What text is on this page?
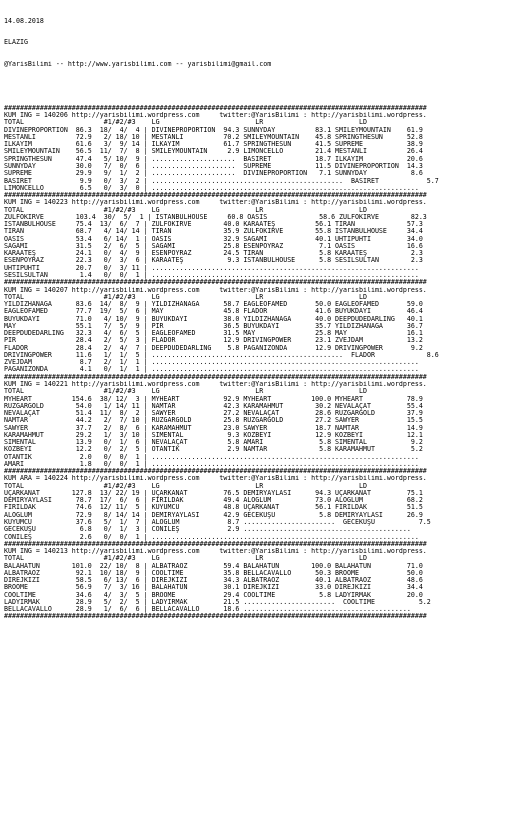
14.08.2018

ELAZIG

@YarisBilimi -- http://www.yarisbilimi.com -- yarisbilimi@gmail.com

##########################################################################################################
KUM ING = 140206 http://yarisbilimi.wordpress.com     twitter:@YarisBilimi : http://yarisbilimi.wordpress.
TOTAL                    #1/#2/#3    LG                        LR                        LD
DIVINEPROPORTION  86.3  18/  4/  4 | DIVINEPROPORTION  94.3 SUNNYDAY          83.1 SMILEYMOUNTAIN    61.9
MESTANLI          72.9   2/ 18/ 10 | MESTANLI          70.2 SMILEYMOUNTAIN    45.8 SPRINGTHESUN      52.8
İLKAYIM           61.6   3/  9/ 14 | İLKAYIM           61.7 SPRINGTHESUN      41.5 SUPREME           38.9
SMILEYMOUNTAIN    56.5  11/  7/  8 | SMILEYMOUNTAIN     2.9 LİMONCELLO        21.4 MESTANLI          26.4
SPRINGTHESUN      47.4   5/ 10/  9 | .....................  BASİRET           18.7 İLKAYIM           20.6
SUNNYDAY          30.0   7/  0/  6 | .....................  SUPREME           11.5 DIVINEPROPORTION  14.3
SUPREME           29.9   9/  1/  2 | .....................  DIVINEPROPORTION   7.1 SUNNYDAY           8.6
BASİRET            9.9   0/  3/  2 | ................................................  BASİRET            5.7
LİMONCELLO         6.5   0/  3/  0 | ...................................................................
##########################################################################################################
KUM ING = 140223 http://yarisbilimi.wordpress.com     twitter:@YarisBilimi : http://yarisbilimi.wordpress.
TOTAL                    #1/#2/#3    LG                        LR                        LD
ZÜLFOKIRVE        103.4  30/  5/  1 | İSTANBULHOUSE     60.8 OASIS             58.6 ZÜLFOKIRVE        82.3
İSTANBULHOUSE     75.4  13/  6/  7 | ZÜLFOKIRVE        40.0 KARAATEŞ          56.1 TİRAN             57.3
TİRAN             68.7   4/ 14/ 14 | TİRAN             35.9 ZÜLFOKIRVE        55.8 İSTANBULHOUSE     34.4
OASIS             53.4   6/ 14/  1 | OASIS             32.9 SAGAMI            40.1 UHTIPUHTI         34.0
SAGAMI            31.5   2/  6/  5 | SAGAMI            25.8 ESENPOYRAZ         7.1 OASIS             16.6
KARAATEŞ          24.1   0/  4/  9 | ESENPOYRAZ        24.5 TİRAN              5.8 KARAATEŞ           2.3
ESENPOYRAZ        22.3   0/  3/  6 | KARAATEŞ           9.3 İSTANBULHOUSE      5.8 SESİLSULTAN        2.3
UHTIPUHTI         20.7   0/  3/ 11 | ...................................................................
SESİLSULTAN        1.4   0/  0/  1 | ...................................................................
##########################################################################################################
KUM ING = 140207 http://yarisbilimi.wordpress.com     twitter:@YarisBilimi : http://yarisbilimi.wordpress.
TOTAL                    #1/#2/#3    LG                        LR                        LD
YILDIZHANAĞA      83.6  14/  8/  9 | YILDIZHANAĞA      58.7 EAGLEOFAMED       50.0 EAGLEOFAMED       59.0
EAGLEOFAMED       77.7  19/  5/  6 | MAY               45.8 FLADOR            41.6 BÜYÜKDAYI         46.4
BÜYÜKDAYI         71.0   4/ 10/  9 | BÜYÜKDAYI         38.0 YILDIZHANAĞA      40.0 DEEPDUDEDARLING   40.1
MAY               55.1   7/  5/  9 | PİR               36.5 BÜYÜKDAYI         35.7 YILDIZHANAĞA      36.7
DEEPDUDEDARLING   32.3   4/  6/  5 | EAGLEOFAMED       31.5 MAY               25.8 MAY               16.1
PİR               28.4   2/  5/  3 | FLADOR            12.9 DRIVINGPOWER      23.1 ZVEJDAM           13.2
FLADOR            28.4   2/  4/  7 | DEEPDUDEDARLING    5.8 PAGANIZONDA       12.9 DRIVINGPOWER       9.2
DRIVINGPOWER      11.6   1/  1/  5 | ................................................  FLADOR             8.6
ZVEJDAM            8.7   2/  1/  1 | ...................................................................
PAGANIZONDA        4.1   0/  1/  1 | ...................................................................
##########################################################################################################
KUM ING = 140221 http://yarisbilimi.wordpress.com     twitter:@YarisBilimi : http://yarisbilimi.wordpress.
TOTAL                    #1/#2/#3    LG                        LR                        LD
MYHEART          154.6  38/ 12/  3 | MYHEART           92.9 MYHEART          100.0 MYHEART           78.9
RÜZGARGOLD        54.0   1/ 14/ 11 | NAMTAR            42.3 KARAMAHMUT        30.2 NEVALAÇAT         55.4
NEVALAÇAT         51.4  11/  8/  2 | SAWYER            27.2 NEVALAÇAT         28.6 RÜZGARGOLD        37.9
NAMTAR            44.2   2/  7/ 10 | RÜZGARGOLD        25.8 RÜZGARGOLD        27.2 SAWYER            15.5
SAWYER            37.7   2/  8/  6 | KARAMAHMUT        23.0 SAWYER            18.7 NAMTAR            14.9
KARAMAHMUT        29.2   1/  3/ 10 | SİMENTAL           9.3 KOZBEYİ           12.9 KOZBEYİ           12.1
SİMENTAL          13.9   0/  1/  6 | NEVALAÇAT          5.8 AMARİ              5.8 SİMENTAL           9.2
KOZBEYİ           12.2   0/  2/  5 | OTANTİK            2.9 NAMTAR             5.8 KARAMAHMUT         5.2
OTANTİK            2.0   0/  0/  1 | ...................................................................
AMARİ              1.8   0/  0/  1 | ...................................................................
##########################################################################################################
KUM ARA = 140224 http://yarisbilimi.wordpress.com     twitter:@YarisBilimi : http://yarisbilimi.wordpress.
TOTAL                    #1/#2/#3    LG                        LR                        LD
UÇARKANAT        127.8  13/ 22/ 19 | UÇARKANAT         76.5 DEMİRYAYLASI      94.3 UÇARKANAT         75.1
DEMİRYAYLASI      78.7  17/  6/  6 | FIRILDAK          49.4 ALOGLUM           73.0 ALOGLUM           68.2
FIRILDAK          74.6  12/ 11/  5 | KUYUMCU           48.8 UÇARKANAT         56.1 FIRILDAK          51.5
ALOGLUM           72.9   8/ 14/ 14 | DEMİRYAYLASI      42.9 GECEKUŞU           5.8 DEMİRYAYLASI      26.9
KUYUMCU           37.6   5/  1/  7 | ALOGLUM            8.7 .......................  GECEKUŞU           7.5
GECEKUŞU           6.8   0/  1/  3 | CONİLEŞ            2.9 ..........................................
CONİLEŞ            2.6   0/  0/  1 | ...................................................................
##########################################################################################################
KUM ING = 140213 http://yarisbilimi.wordpress.com     twitter:@YarisBilimi : http://yarisbilimi.wordpress.
TOTAL                    #1/#2/#3    LG                        LR                        LD
BALAHATUN        101.0  22/ 10/  8 | ALBATRAOZ         59.4 BALAHATUN        100.0 BALAHATUN         71.0
ALBATRAOZ         92.1  10/ 18/  9 | COOLTIME          35.8 BELLACAVALLO      50.3 BROOME            50.0
DIREJKIZI         58.5   6/ 13/  6 | DIREJKIZI         34.3 ALBATRAOZ         40.1 ALBATRAOZ         48.6
BROOME            56.9   7/  3/ 16 | BALAHATUN         30.1 DIREJKIZI         33.0 DIREJKIZI         34.4
COOLTIME          34.6   4/  3/  5 | BROOME            29.4 COOLTIME           5.8 LADYIRMAK         20.0
LADYIRMAK         28.9   5/  2/  5 | LADYIRMAK         21.5 .......................  COOLTIME           5.2
BELLACAVALLO      28.9   1/  6/  6 | BELLACAVALLO      18.6 ..........................................
##########################################################################################################
